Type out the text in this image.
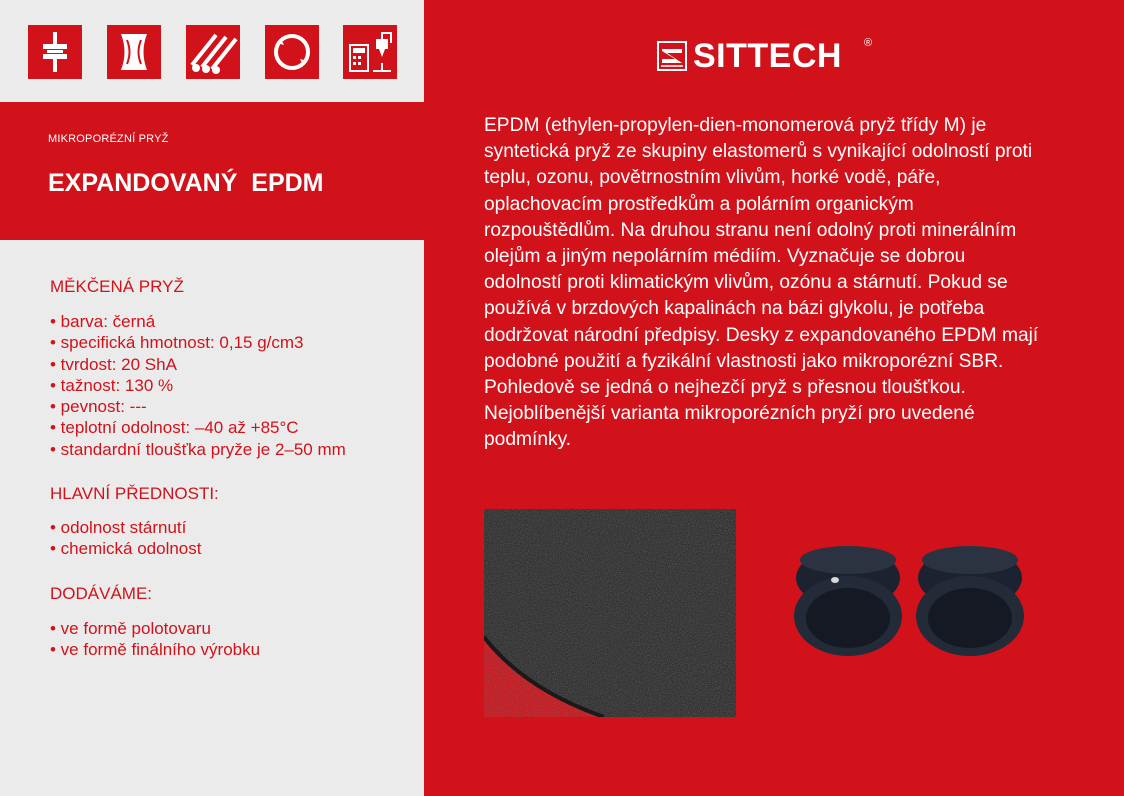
MIKROPORÉZNÍ PRYŽ
EXPANDOVANÝ  EPDM
MĚKČENÁ PRYŽ
• barva: černá
• specifická hmotnost: 0,15 g/cm3
• tvrdost: 20 ShA
• tažnost: 130 %
• pevnost: ---
• teplotní odolnost: –40 až +85°C
• standardní tloušťka pryže je 2–50 mm
HLAVNÍ PŘEDNOSTI:
• odolnost stárnutí
• chemická odolnost
DODÁVÁME:
• ve formě polotovaru
• ve formě finálního výrobku
SITTECH ®
EPDM (ethylen-propylen-dien-monomerová pryž třídy M) je syntetická pryž ze skupiny elastomerů s vynikající odolností proti teplu, ozonu, povětrnostním vlivům, horké vodě, páře, oplachovacím prostředkům a polárním organickým rozpouštědlům. Na druhou stranu není odolný proti minerálním olejům a jiným nepolárním médiím. Vyznačuje se dobrou odolností proti klimatickým vlivům, ozónu a stárnutí. Pokud se používá v brzdových kapalinách na bázi glykolu, je potřeba dodržovat národní předpisy. Desky z expandovaného EPDM mají podobné použití a fyzikální vlastnosti jako mikroporézní SBR. Pohledově se jedná o nejhezčí pryž s přesnou tloušťkou. Nejoblíbenější varianta mikroporézních pryží pro uvedené podmínky.
